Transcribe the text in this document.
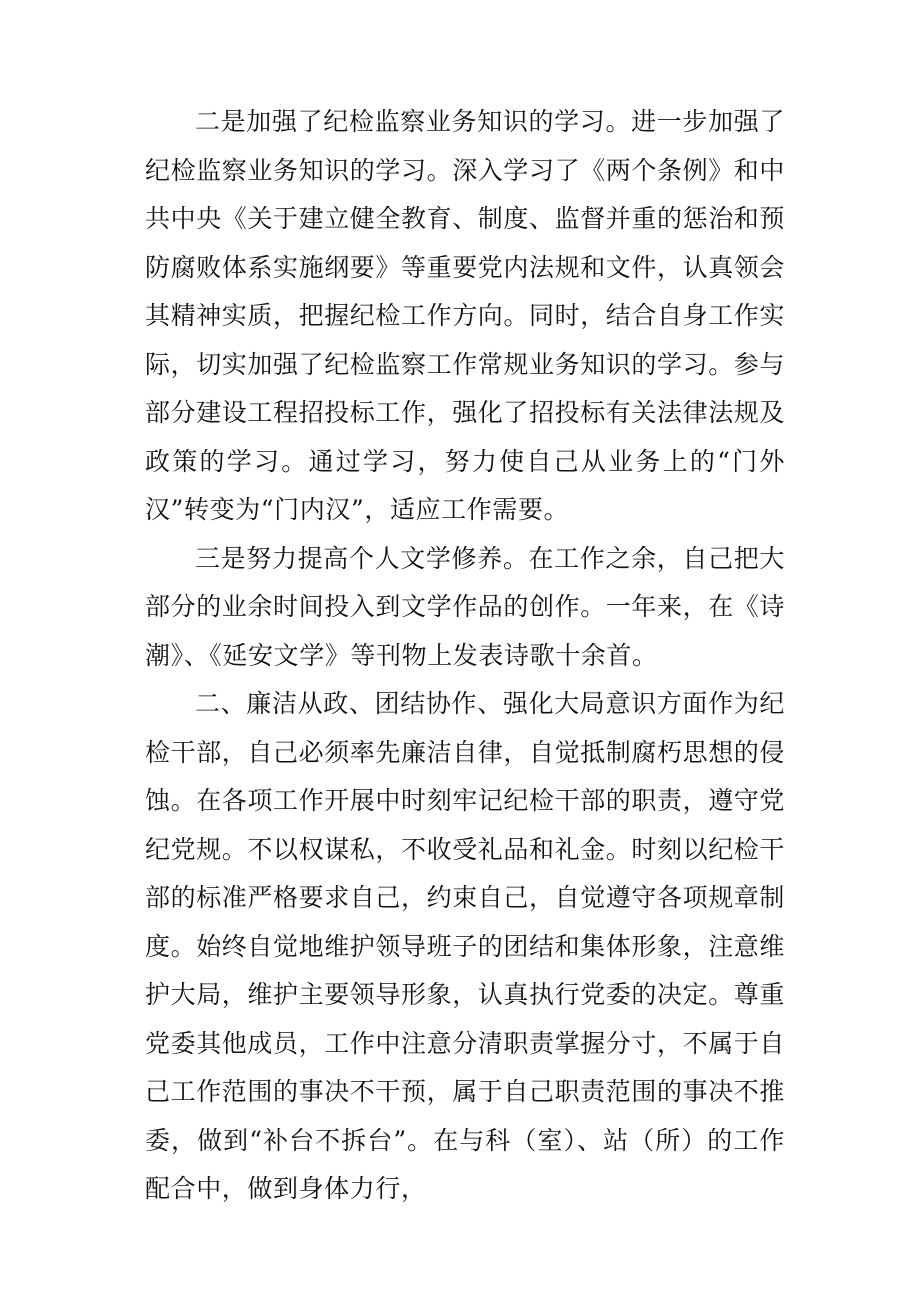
二是加强了纪检监察业务知识的学习。进一步加强了纪检监察业务知识的学习。深入学习了《两个条例》和中共中央《关于建立健全教育、制度、监督并重的惩治和预防腐败体系实施纲要》等重要党内法规和文件，认真领会其精神实质，把握纪检工作方向。同时，结合自身工作实际，切实加强了纪检监察工作常规业务知识的学习。参与部分建设工程招投标工作，强化了招投标有关法律法规及政策的学习。通过学习，努力使自己从业务上的“门外汉”转变为“门内汉”，适应工作需要。

三是努力提高个人文学修养。在工作之余，自己把大部分的业余时间投入到文学作品的创作。一年来，在《诗潮》、《延安文学》等刊物上发表诗歌十余首。

二、廉洁从政、团结协作、强化大局意识方面作为纪检干部，自己必须率先廉洁自律，自觉抵制腐朽思想的侵蚀。在各项工作开展中时刻牢记纪检干部的职责，遵守党纪党规。不以权谋私，不收受礼品和礼金。时刻以纪检干部的标准严格要求自己，约束自己，自觉遵守各项规章制度。始终自觉地维护领导班子的团结和集体形象，注意维护大局，维护主要领导形象，认真执行党委的决定。尊重党委其他成员，工作中注意分清职责掌握分寸，不属于自己工作范围的事决不干预，属于自己职责范围的事决不推委，做到“补台不拆台”。在与科（室）、站（所）的工作配合中，做到身体力行，
